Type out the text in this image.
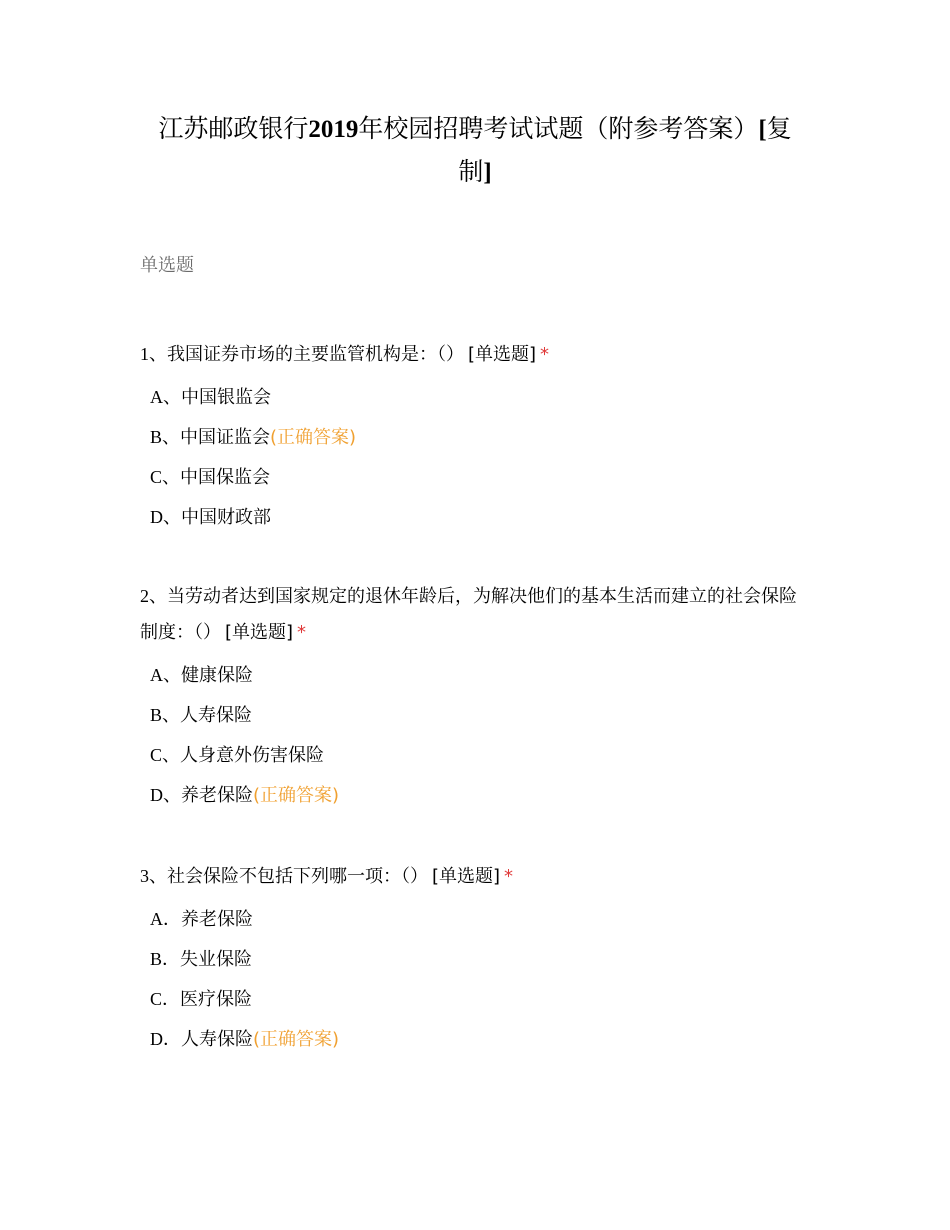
江苏邮政银行2019年校园招聘考试试题（附参考答案）[复制]
单选题

1、我国证券市场的主要监管机构是：（） [单选题] *

A、中国银监会
B、中国证监会(正确答案)
C、中国保监会
D、中国财政部

2、当劳动者达到国家规定的退休年龄后，为解决他们的基本生活而建立的社会保险制度：（） [单选题] *

A、健康保险
B、人寿保险
C、人身意外伤害保险
D、养老保险(正确答案)

3、社会保险不包括下列哪一项：（） [单选题] *

A．养老保险
B．失业保险
C．医疗保险
D．人寿保险(正确答案)
